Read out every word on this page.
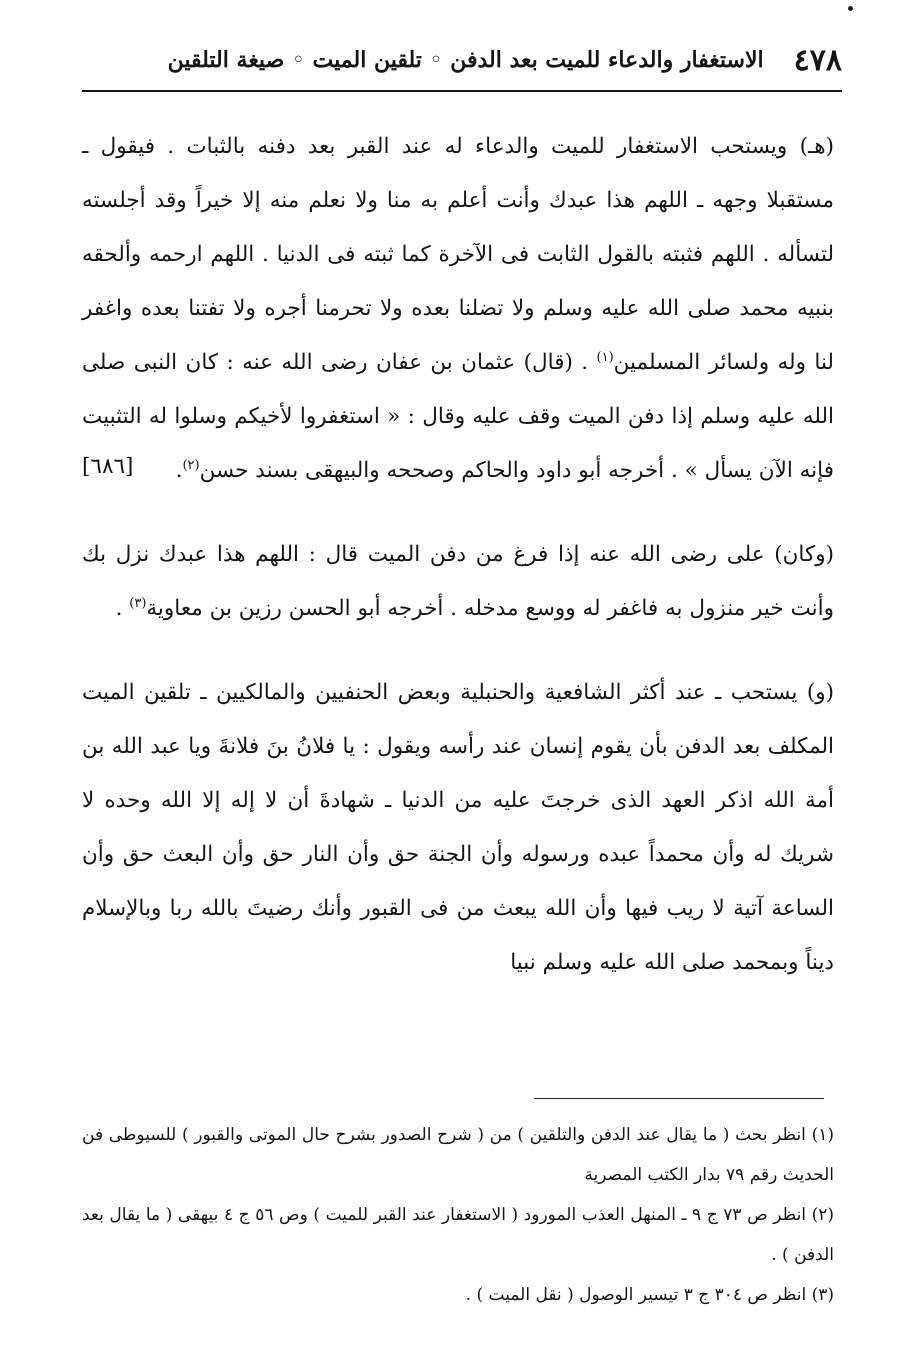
٤٧٨
الاستغفار والدعاء للميت بعد الدفن ◦ تلقين الميت ◦ صيغة التلقين

(هـ) ويستحب الاستغفار للميت والدعاء له عند القبر بعد دفنه بالثبات . فيقول ـ مستقبلا وجهه ـ اللهم هذا عبدك وأنت أعلم به منا ولا نعلم منه إلا خيراً وقد أجلسته لتسأله . اللهم فثبته بالقول الثابت فى الآخرة كما ثبته فى الدنيا . اللهم ارحمه وألحقه بنبيه محمد صلى الله عليه وسلم ولا تضلنا بعده ولا تحرمنا أجره ولا تفتنا بعده واغفر لنا وله ولسائر المسلمين$^{(١)}$ . (قال) عثمان بن عفان رضى الله عنه : كان النبى صلى الله عليه وسلم إذا دفن الميت وقف عليه وقال : « استغفروا لأخيكم وسلوا له التثبيت فإنه الآن يسأل » . أخرجه أبو داود والحاكم وصححه والبيهقى بسند حسن$^{(٢)}$.
[٦٨٦]

(وكان) على رضى الله عنه إذا فرغ من دفن الميت قال : اللهم هذا عبدك نزل بك وأنت خير منزول به فاغفر له ووسع مدخله . أخرجه أبو الحسن رزين بن معاوية$^{(٣)}$ .

(و) يستحب ـ عند أكثر الشافعية والحنبلية وبعض الحنفيين والمالكيين ـ تلقين الميت المكلف بعد الدفن بأن يقوم إنسان عند رأسه ويقول : يا فلانُ بنَ فلانةَ ويا عبد الله بن أمة الله اذكر العهد الذى خرجتَ عليه من الدنيا ـ شهادةَ أن لا إله إلا الله وحده لا شريك له وأن محمداً عبده ورسوله وأن الجنة حق وأن النار حق وأن البعث حق وأن الساعة آتية لا ريب فيها وأن الله يبعث من فى القبور وأنك رضيتَ بالله ربا وبالإسلام ديناً وبمحمد صلى الله عليه وسلم نبيا

(١) انظر بحث ( ما يقال عند الدفن والتلقين ) من ( شرح الصدور بشرح حال الموتى والقبور ) للسيوطى فن الحديث رقم ٧٩ بدار الكتب المصرية

(٢) انظر ص ٧٣ ج ٩ ـ المنهل العذب المورود ( الاستغفار عند القبر للميت ) وص ٥٦ ج ٤ بيهقى ( ما يقال بعد الدفن ) .

(٣) انظر ص ٣٠٤ ج ٣ تيسير الوصول ( نقل الميت ) .
